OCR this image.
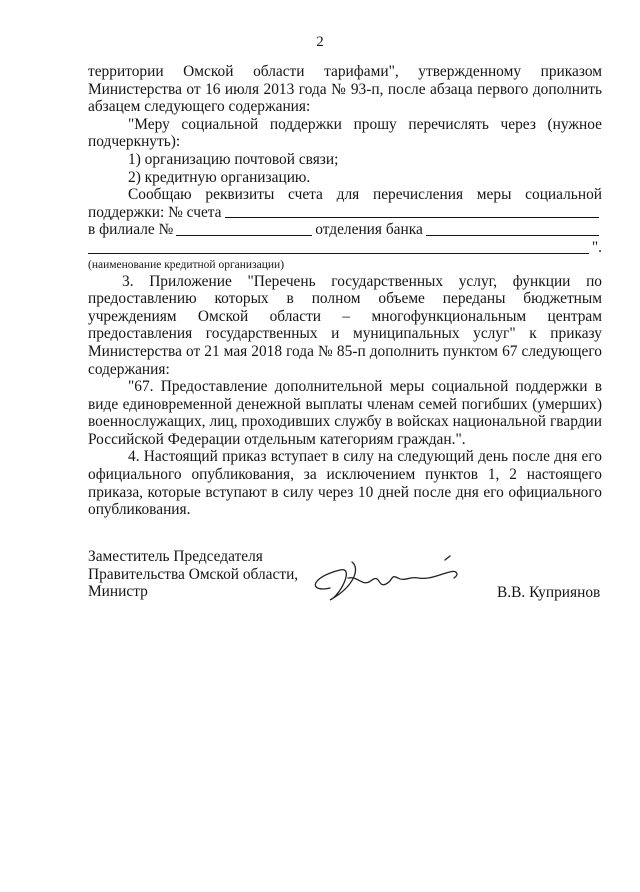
2

территории Омской области тарифами", утвержденному приказом

Министерства от 16 июля 2013 года № 93-п, после абзаца первого дополнить абзацем следующего содержания:

"Меру социальной поддержки прошу перечислять через (нужное подчеркнуть):

1) организацию почтовой связи;

2) кредитную организацию.

Сообщаю реквизиты счета для перечисления меры социальной

поддержки: № счета
в филиале №	отделения банка
".

(наименование кредитной организации)

3. Приложение "Перечень государственных услуг, функции по предоставлению которых в полном объеме переданы бюджетным учреждениям Омской области – многофункциональным центрам предоставления государственных и муниципальных услуг" к приказу Министерства от 21 мая 2018 года № 85-п дополнить пунктом 67 следующего содержания:

"67. Предоставление дополнительной меры социальной поддержки в виде единовременной денежной выплаты членам семей погибших (умерших) военнослужащих, лиц, проходивших службу в войсках национальной гвардии Российской Федерации отдельным категориям граждан.".

4. Настоящий приказ вступает в силу на следующий день после дня его официального опубликования, за исключением пунктов 1, 2 настоящего приказа, которые вступают в силу через 10 дней после дня его официального опубликования.

Заместитель Председателя
Правительства Омской области,
Министр	В.В. Куприянов
